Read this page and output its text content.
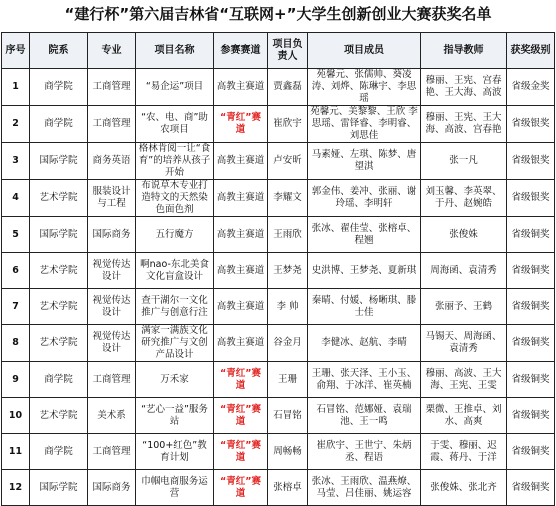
“建行杯”第六届吉林省“互联网+”大学生创新创业大赛获奖名单
序号	院系	专业	项目名称	参赛赛道	项目负责人	项目成员	指导教师	获奖级别
1	商学院	工商管理	“易企运”项目	高教主赛道	贾鑫磊	苑馨元、张儒帅、葵凌涛、刘烨、陈琳宇、李思瑶	穆丽、王宪、宫春艳、王大海、高波	省级金奖
2	商学院	工商管理	“农、电、商”助农项目	“青红”赛道	崔欣宇	苑馨元、美黎黎、王欣 李思瑶、雷铎睿、李明睿、刘思佳	穆丽、王宪、王大海、高波、宫春艳	省级银奖
3	国际学院	商务英语	格林肯阅一让“食育”的培养从孩子开始	高教主赛道	卢安昕	马素娅、左琪、陈梦、唐望淇	张一凡	省级银奖
4	艺术学院	服装设计与工程	布说草木专业打造特文的天然染色面色剂	高教主赛道	李耀文	郭金伟、姜冲、张丽、谢玲瑶、李明轩	刘玉馨、李英翠、于丹、赵婉皓	省级银奖
5	国际学院	国际商务	五行魔方	高教主赛道	王雨欣	张冰、翟佳莹、张榕卓、程翘	张俊姝	省级铜奖
6	艺术学院	视觉传达设计	啊nao-东北美食文化盲盒设计	高教主赛道	王梦尧	史洪博、王梦尧、夏新琪	周海函、袁清秀	省级铜奖
7	艺术学院	视觉传达设计	查干湖尔一文化推广与创意行注	高教主赛道	李 帅	秦晴、付媛、杨晰琪、滕士佳	张丽予、王鹤	省级铜奖
8	艺术学院	视觉传达设计	满家一满族文化研究推广与文创产品设计	高教主赛道	谷金月	李健冰、赵航、李晴	马锡天、周海函、袁清秀	省级铜奖
9	商学院	工商管理	万禾家	“青红”赛道	王珊	王珊、张天泽、王小玉、俞翔、于冰洋、崔英楠	穆丽、高波、王大海、王宪、王雯	省级铜奖
10	艺术学院	美术系	“艺心一益”服务站	“青红”赛道	石冒铭	石冒铭、范娜娅、袁瑞池、王一鸣	栗微、王推卓、刘水、高爽	省级铜奖
11	商学院	工商管理	“100+红色”教育计划	“青红”赛道	周畅畅	崔欣宇、王世宁、朱炳丞、程语	于雯、穆丽、迟霞、蒋丹、于洋	省级铜奖
12	国际学院	国际商务	巾帼电商服务运营	“青红”赛道	张榕卓	张冰、王雨欣、温燕燎、马莹、吕佳丽、姚运容	张俊姝、张北齐	省级铜奖
